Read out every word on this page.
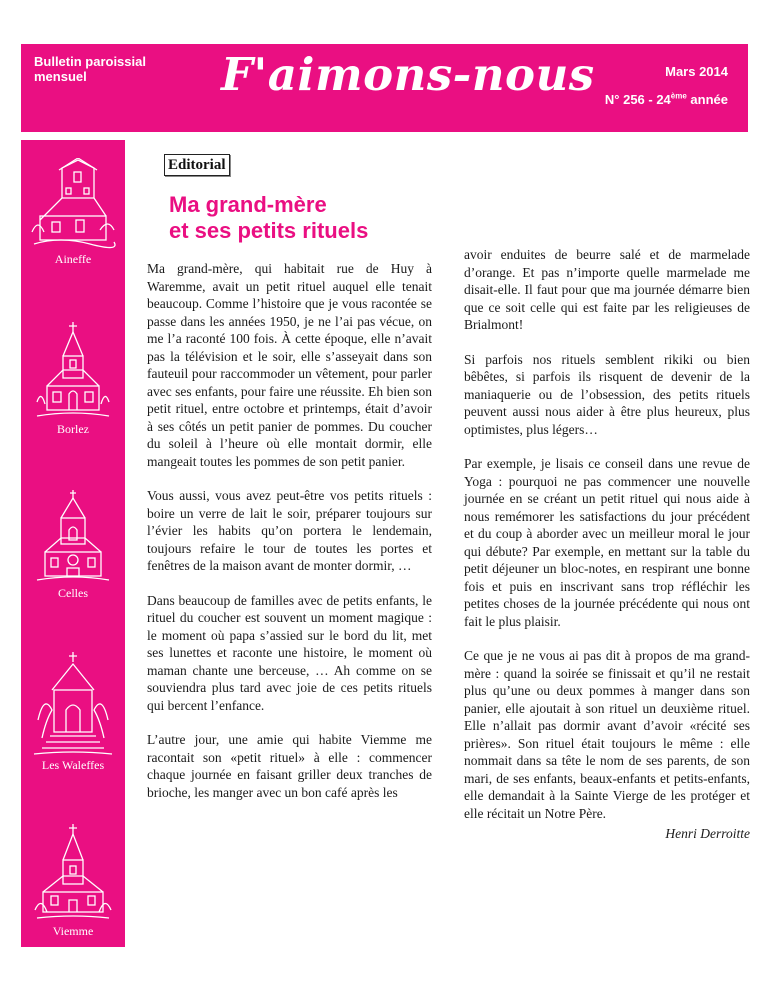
Bulletin paroissial
mensuel	F'aimons-nous	Mars 2014
N° 256 - 24ème année
Aineffe
Borlez
Celles
Les Waleffes
Viemme
Editorial
Ma grand-mère
et ses petits rituels

Ma grand-mère, qui habitait rue de Huy à Waremme, avait un petit rituel auquel elle tenait beaucoup. Comme l’histoire que je vous racontée se passe dans les années 1950, je ne l’ai pas vécue, on me l’a raconté 100 fois. À cette époque, elle n’avait pas la télévision et le soir, elle s’asseyait dans son fauteuil pour raccommoder un vêtement, pour parler avec ses enfants, pour faire une réussite. Eh bien son petit rituel, entre octobre et printemps, était d’avoir à ses côtés un petit panier de pommes. Du coucher du soleil à l’heure où elle montait dormir, elle mangeait toutes les pommes de son petit panier.

Vous aussi, vous avez peut-être vos petits rituels : boire un verre de lait le soir, préparer toujours sur l’évier les habits qu’on portera le lendemain, toujours refaire le tour de toutes les portes et fenêtres de la maison avant de monter dormir, …

Dans beaucoup de familles avec de petits enfants, le rituel du coucher est souvent un moment magique : le moment où papa s’assied sur le bord du lit, met ses lunettes et raconte une histoire, le moment où maman chante une berceuse, … Ah comme on se souviendra plus tard avec joie de ces petits rituels qui bercent l’enfance.

L’autre jour, une amie qui habite Viemme me racontait son «petit rituel» à elle : commencer chaque journée en faisant griller deux tranches de brioche, les manger avec un bon café après les

avoir enduites de beurre salé et de marmelade d’orange. Et pas n’importe quelle marmelade me disait-elle. Il faut pour que ma journée démarre bien que ce soit celle qui est faite par les religieuses de Brialmont!

Si parfois nos rituels semblent rikiki ou bien bêbêtes, si parfois ils risquent de devenir de la maniaquerie ou de l’obsession, des petits rituels peuvent aussi nous aider à être plus heureux, plus optimistes, plus légers…

Par exemple, je lisais ce conseil dans une revue de Yoga : pourquoi ne pas commencer une nouvelle journée en se créant un petit rituel qui nous aide à nous remémorer les satisfactions du jour précédent et du coup à aborder avec un meilleur moral le jour qui débute? Par exemple, en mettant sur la table du petit déjeuner un bloc-notes, en respirant une bonne fois et puis en inscrivant sans trop réfléchir les petites choses de la journée précédente qui nous ont fait le plus plaisir.

Ce que je ne vous ai pas dit à propos de ma grand-mère : quand la soirée se finissait et qu’il ne restait plus qu’une ou deux pommes à manger dans son panier, elle ajoutait à son rituel un deuxième rituel. Elle n’allait pas dormir avant d’avoir «récité ses prières». Son rituel était toujours le même : elle nommait dans sa tête le nom de ses parents, de son mari, de ses enfants, beaux-enfants et petits-enfants, elle demandait à la Sainte Vierge de les protéger et elle récitait un Notre Père.

Henri Derroitte
